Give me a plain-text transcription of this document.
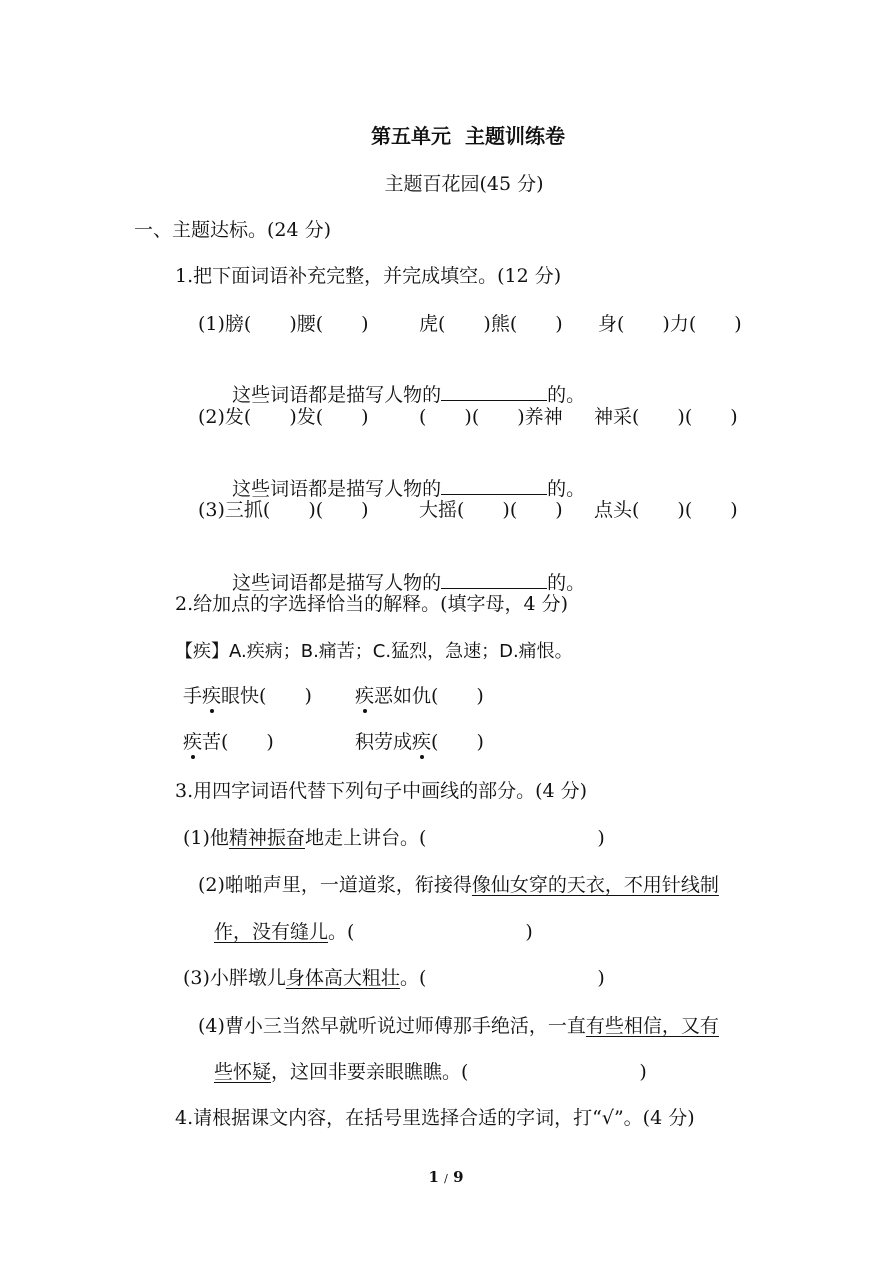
第五单元  主题训练卷
主题百花园(45 分)
一、主题达标。(24 分)
1.把下面词语补充完整，并完成填空。(12 分)
(1)膀(　　)腰(　　)	虎(　　)熊(　　) 身(　　)力(　　)

这些词语都是描写人物的	的。

(2)发(　　)发(　　)	(　　)(　　)养神 神采(　　)(　　)

这些词语都是描写人物的	的。

(3)三抓(　　)(　　)	大摇(　　)(　　) 点头(　　)(　　)

这些词语都是描写人物的	的。

2.给加点的字选择恰当的解释。(填字母，4 分)
【疾】A.疾病；B.痛苦；C.猛烈，急速；D.痛恨。
手疾眼快(　　) 疾恶如仇(　　)
疾苦(　　)	积劳成疾(　　)
3.用四字词语代替下列句子中画线的部分。(4 分)
(1)他精神振奋地走上讲台。(　　　　　　　　　)
(2)啪啪声里，一道道浆，衔接得像仙女穿的天衣，不用针线制
作，没有缝儿。(　　　　　　　　　)
(3)小胖墩儿身体高大粗壮。(　　　　　　　　　)
(4)曹小三当然早就听说过师傅那手绝活，一直有些相信，又有
些怀疑，这回非要亲眼瞧瞧。(　　　　　　　　　)
4.请根据课文内容，在括号里选择合适的字词，打“√”。(4 分)
1 / 9
